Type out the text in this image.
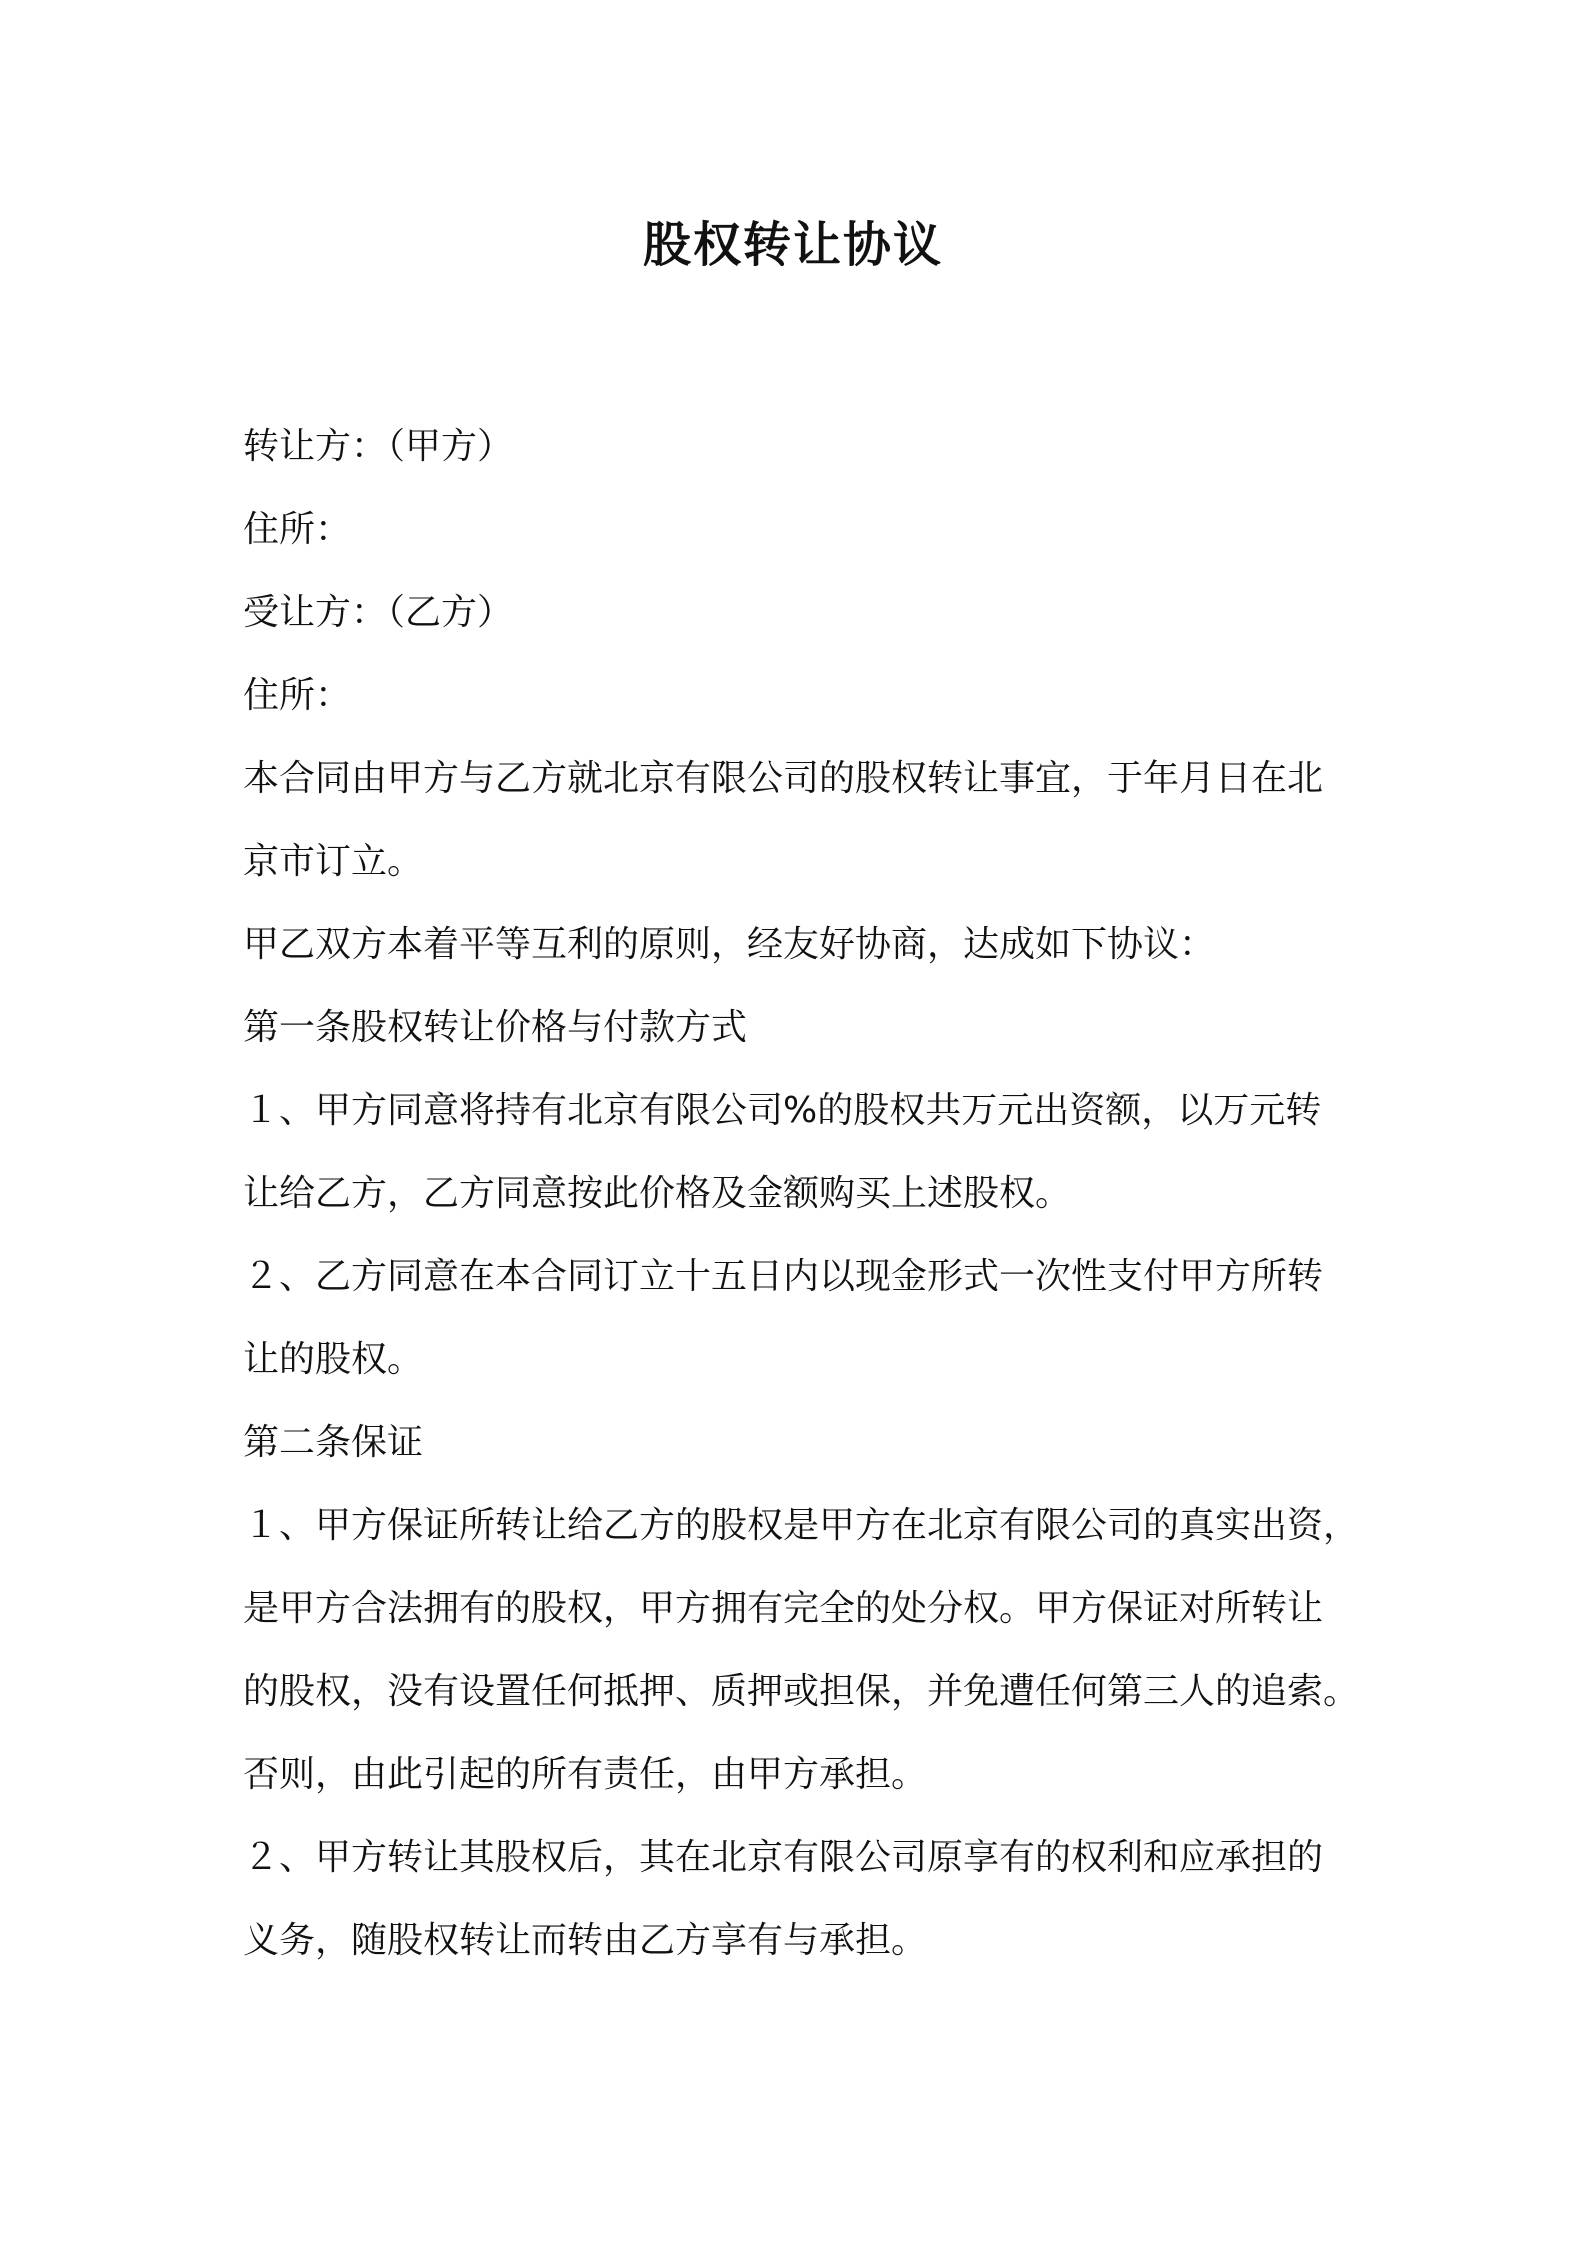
股权转让协议
转让方：（甲方）
住所：
受让方：（乙方）
住所：
本合同由甲方与乙方就北京有限公司的股权转让事宜，于年月日在北
京市订立。
甲乙双方本着平等互利的原则，经友好协商，达成如下协议：
第一条股权转让价格与付款方式
１、甲方同意将持有北京有限公司%的股权共万元出资额，以万元转
让给乙方，乙方同意按此价格及金额购买上述股权。
２、乙方同意在本合同订立十五日内以现金形式一次性支付甲方所转
让的股权。
第二条保证
１、甲方保证所转让给乙方的股权是甲方在北京有限公司的真实出资，
是甲方合法拥有的股权，甲方拥有完全的处分权。甲方保证对所转让
的股权，没有设置任何抵押、质押或担保，并免遭任何第三人的追索。
否则，由此引起的所有责任，由甲方承担。
２、甲方转让其股权后，其在北京有限公司原享有的权利和应承担的
义务，随股权转让而转由乙方享有与承担。
